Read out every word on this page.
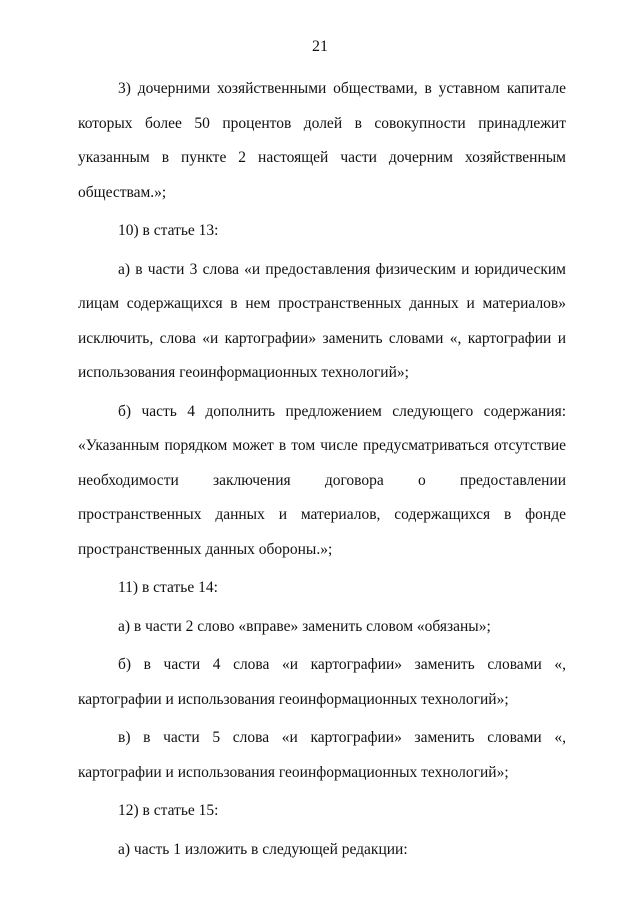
21

3) дочерними хозяйственными обществами, в уставном капитале которых более 50 процентов долей в совокупности принадлежит указанным в пункте 2 настоящей части дочерним хозяйственным обществам.»;

10) в статье 13:

а) в части 3 слова «и предоставления физическим и юридическим лицам содержащихся в нем пространственных данных и материалов» исключить, слова «и картографии» заменить словами «, картографии и использования геоинформационных технологий»;

б) часть 4 дополнить предложением следующего содержания: «Указанным порядком может в том числе предусматриваться отсутствие необходимости заключения договора о предоставлении пространственных данных и материалов, содержащихся в фонде пространственных данных обороны.»;

11) в статье 14:

а) в части 2 слово «вправе» заменить словом «обязаны»;

б) в части 4 слова «и картографии» заменить словами «, картографии и использования геоинформационных технологий»;

в) в части 5 слова «и картографии» заменить словами «, картографии и использования геоинформационных технологий»;

12) в статье 15:

а) часть 1 изложить в следующей редакции:
